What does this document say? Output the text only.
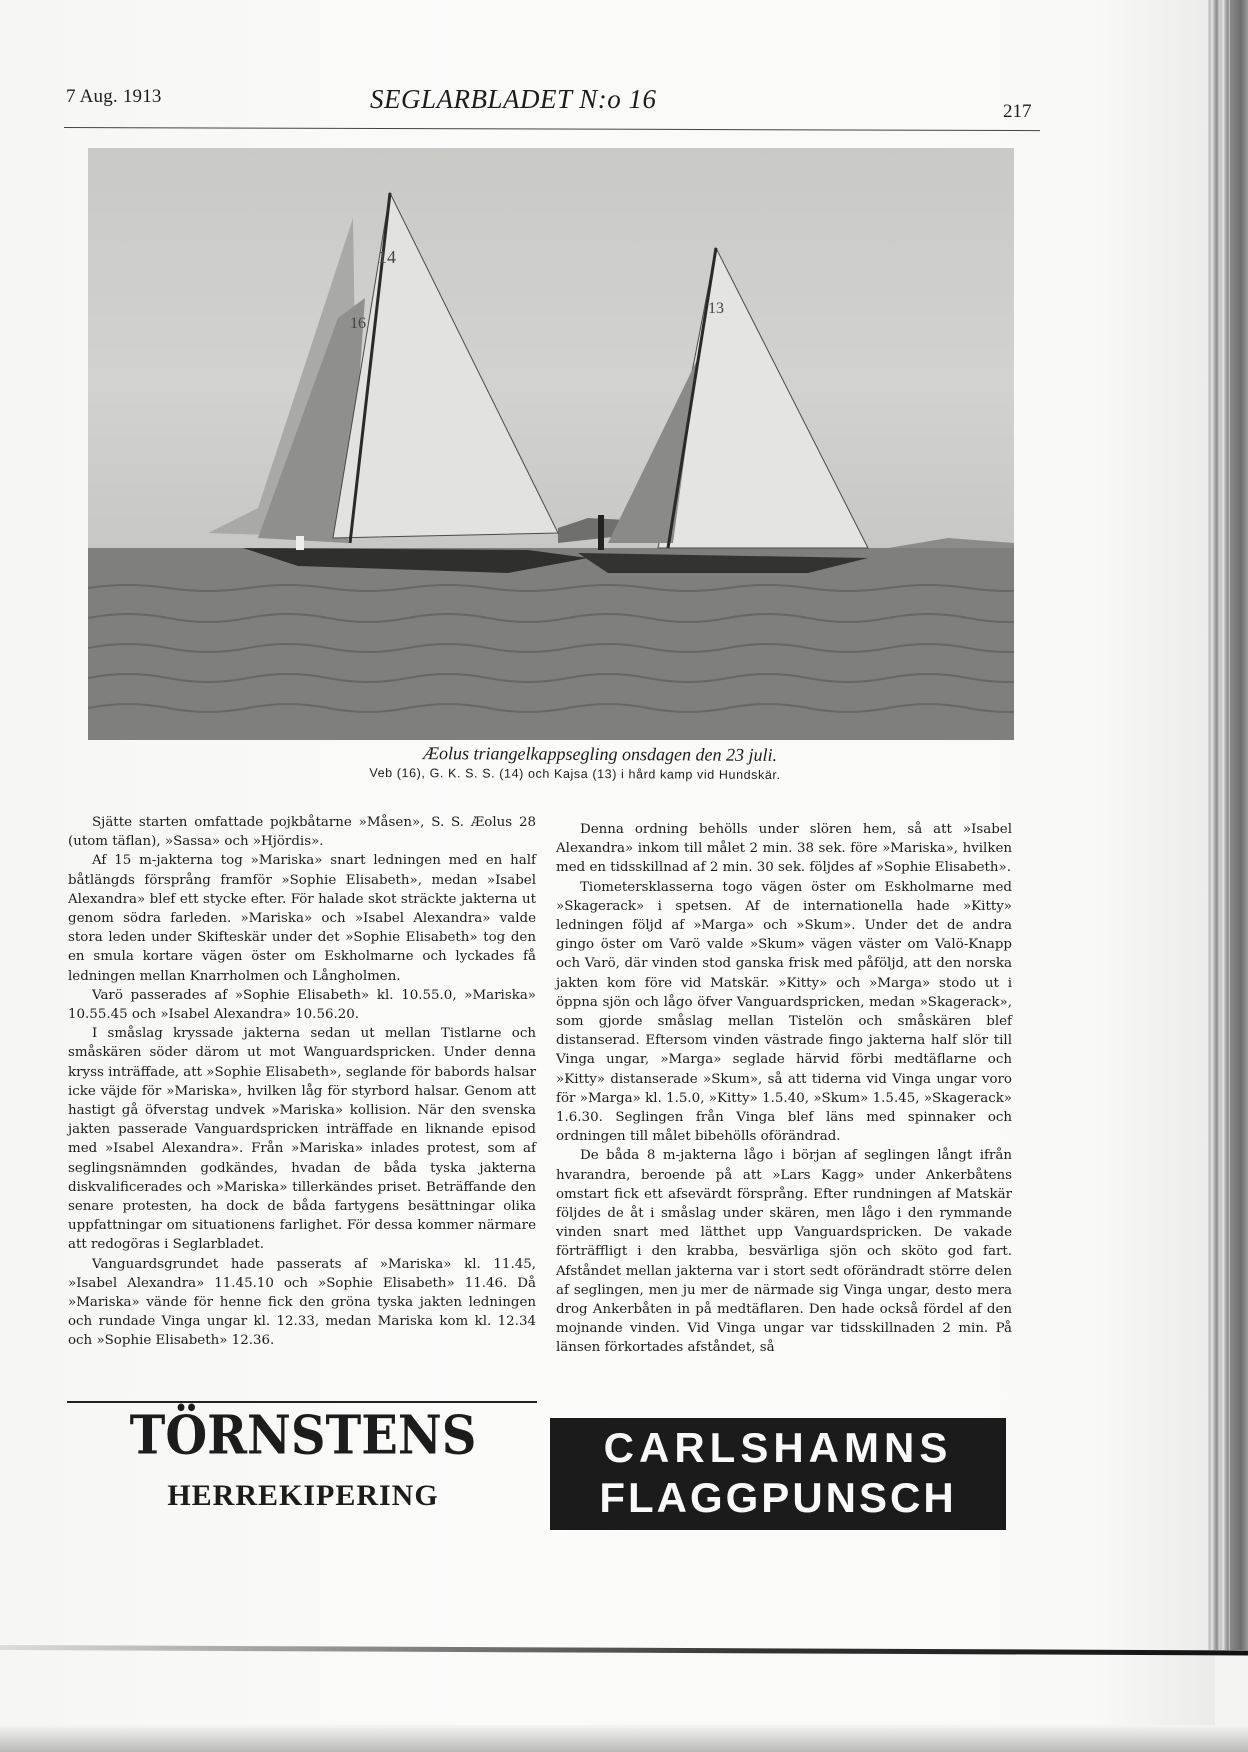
7 Aug. 1913	SEGLARBLADET N:o 16	217
14
16
13
Æolus triangelkappsegling onsdagen den 23 juli.
Veb (16), G. K. S. S. (14) och Kajsa (13) i hård kamp vid Hundskär.

Sjätte starten omfattade pojkbåtarne »Måsen», S. S. Æolus 28 (utom täflan), »Sassa» och »Hjördis».

Af 15 m-jakterna tog »Mariska» snart ledningen med en half båtlängds försprång framför »Sophie Elisabeth», medan »Isabel Alexandra» blef ett stycke efter. För halade skot sträckte jakterna ut genom södra farleden. »Mariska» och »Isabel Alexandra» valde stora leden under Skifteskär under det »Sophie Elisabeth» tog den en smula kortare vägen öster om Eskholmarne och lyckades få ledningen mellan Knarrholmen och Långholmen.

Varö passerades af »Sophie Elisabeth» kl. 10.55.0, »Mariska» 10.55.45 och »Isabel Alexandra» 10.56.20.

I småslag kryssade jakterna sedan ut mellan Tistlarne och småskären söder därom ut mot Wanguardspricken. Under denna kryss inträffade, att »Sophie Elisabeth», seglande för babords halsar icke väjde för »Mariska», hvilken låg för styrbord halsar. Genom att hastigt gå öfverstag undvek »Mariska» kollision. När den svenska jakten passerade Vanguardspricken inträffade en liknande episod med »Isabel Alexandra». Från »Mariska» inlades protest, som af seglingsnämnden godkändes, hvadan de båda tyska jakterna diskvalificerades och »Mariska» tillerkändes priset. Beträffande den senare protesten, ha dock de båda fartygens besättningar olika uppfattningar om situationens farlighet. För dessa kommer närmare att redogöras i Seglarbladet.

Vanguardsgrundet hade passerats af »Mariska» kl. 11.45, »Isabel Alexandra» 11.45.10 och »Sophie Elisabeth» 11.46. Då »Mariska» vände för henne fick den gröna tyska jakten ledningen och rundade Vinga ungar kl. 12.33, medan Mariska kom kl. 12.34 och »Sophie Elisabeth» 12.36.

Denna ordning behölls under slören hem, så att »Isabel Alexandra» inkom till målet 2 min. 38 sek. före »Mariska», hvilken med en tidsskillnad af 2 min. 30 sek. följdes af »Sophie Elisabeth».

Tiometersklasserna togo vägen öster om Eskholmarne med »Skagerack» i spetsen. Af de internationella hade »Kitty» ledningen följd af »Marga» och »Skum». Under det de andra gingo öster om Varö valde »Skum» vägen väster om Valö-Knapp och Varö, där vinden stod ganska frisk med påföljd, att den norska jakten kom före vid Matskär. »Kitty» och »Marga» stodo ut i öppna sjön och lågo öfver Vanguardspricken, medan »Skagerack», som gjorde småslag mellan Tistelön och småskären blef distanserad. Eftersom vinden västrade fingo jakterna half slör till Vinga ungar, »Marga» seglade härvid förbi medtäflarne och »Kitty» distanserade »Skum», så att tiderna vid Vinga ungar voro för »Marga» kl. 1.5.0, »Kitty» 1.5.40, »Skum» 1.5.45, »Skagerack» 1.6.30. Seglingen från Vinga blef läns med spinnaker och ordningen till målet bibehölls oförändrad.

De båda 8 m-jakterna lågo i början af seglingen långt ifrån hvarandra, beroende på att »Lars Kagg» under Ankerbåtens omstart fick ett afsevärdt försprång. Efter rundningen af Matskär följdes de åt i småslag under skären, men lågo i den rymmande vinden snart med lätthet upp Vanguardspricken. De vakade förträffligt i den krabba, besvärliga sjön och sköto god fart. Afståndet mellan jakterna var i stort sedt oförändradt större delen af seglingen, men ju mer de närmade sig Vinga ungar, desto mera drog Ankerbåten in på medtäflaren. Den hade också fördel af den mojnande vinden. Vid Vinga ungar var tidsskillnaden 2 min. På länsen förkortades afståndet, så

TÖRNSTENS
HERREKIPERING
CARLSHAMNS
FLAGGPUNSCH
